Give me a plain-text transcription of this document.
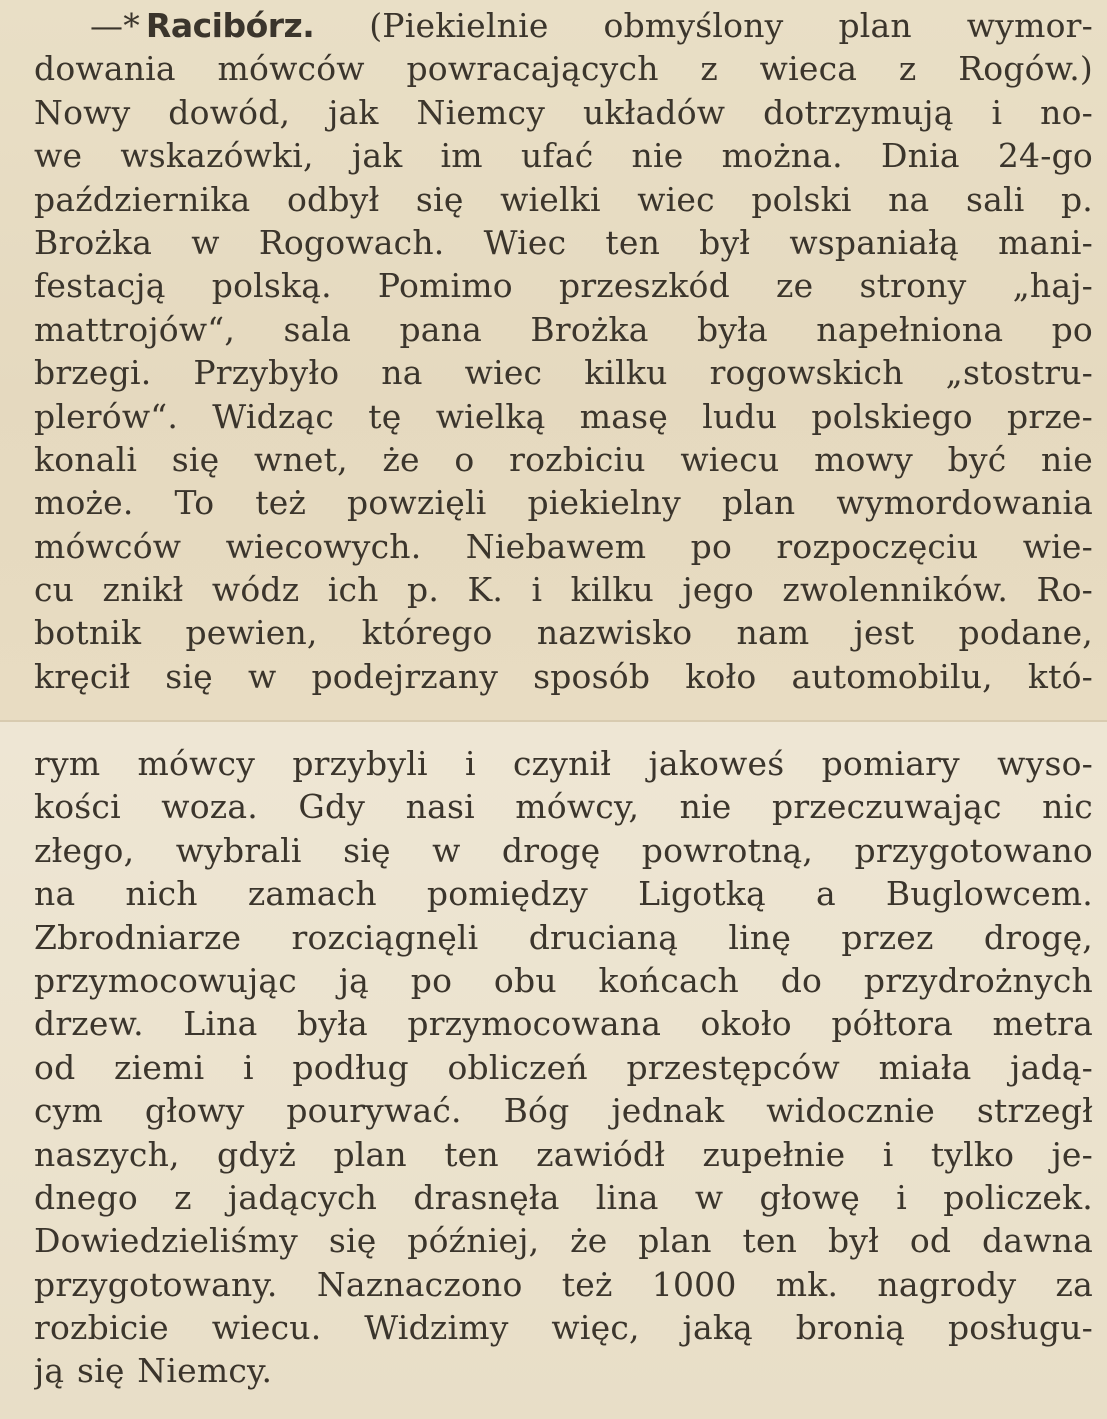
—* Racibórz. (Piekielnie obmyślony plan wymor-
dowania mówców powracających z wieca z Rogów.)
Nowy dowód, jak Niemcy układów dotrzymują i no-
we wskazówki, jak im ufać nie można. Dnia 24-go
października odbył się wielki wiec polski na sali p.
Brożka w Rogowach. Wiec ten był wspaniałą mani-
festacją polską. Pomimo przeszkód ze strony „haj-
mattrojów“, sala pana Brożka była napełniona po
brzegi. Przybyło na wiec kilku rogowskich „stostru-
plerów“. Widząc tę wielką masę ludu polskiego prze-
konali się wnet, że o rozbiciu wiecu mowy być nie
może. To też powzięli piekielny plan wymordowania
mówców wiecowych. Niebawem po rozpoczęciu wie-
cu znikł wódz ich p. K. i kilku jego zwolenników. Ro-
botnik pewien, którego nazwisko nam jest podane,
kręcił się w podejrzany sposób koło automobilu, któ-
rym mówcy przybyli i czynił jakoweś pomiary wyso-
kości woza. Gdy nasi mówcy, nie przeczuwając nic
złego, wybrali się w drogę powrotną, przygotowano
na nich zamach pomiędzy Ligotką a Buglowcem.
Zbrodniarze rozciągnęli drucianą linę przez drogę,
przymocowując ją po obu końcach do przydrożnych
drzew. Lina była przymocowana około półtora metra
od ziemi i podług obliczeń przestępców miała jadą-
cym głowy pourywać. Bóg jednak widocznie strzegł
naszych, gdyż plan ten zawiódł zupełnie i tylko je-
dnego z jadących drasnęła lina w głowę i policzek.
Dowiedzieliśmy się później, że plan ten był od dawna
przygotowany. Naznaczono też 1000 mk. nagrody za
rozbicie wiecu. Widzimy więc, jaką bronią posługu-
ją się Niemcy.
